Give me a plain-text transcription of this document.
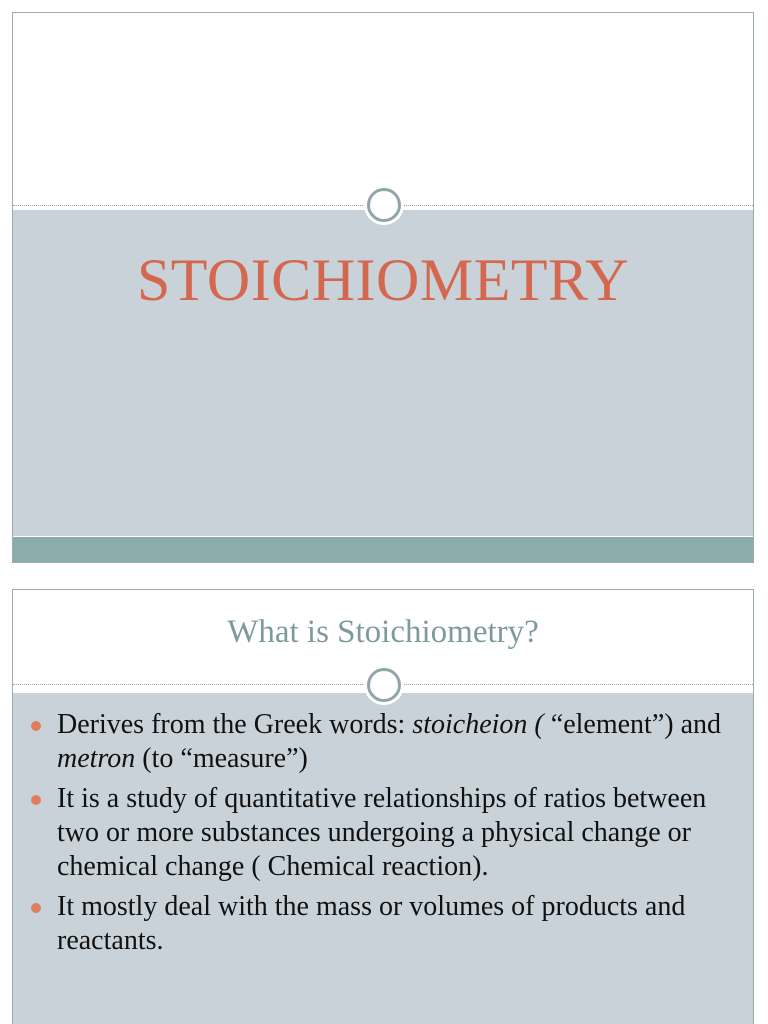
STOICHIOMETRY
What is Stoichiometry?
Derives from the Greek words: stoicheion ( “element”) and metron (to “measure”)
It is a study of quantitative relationships of ratios between two or more substances undergoing a physical change or chemical change ( Chemical reaction).
It mostly deal with the mass or volumes of products and reactants.
